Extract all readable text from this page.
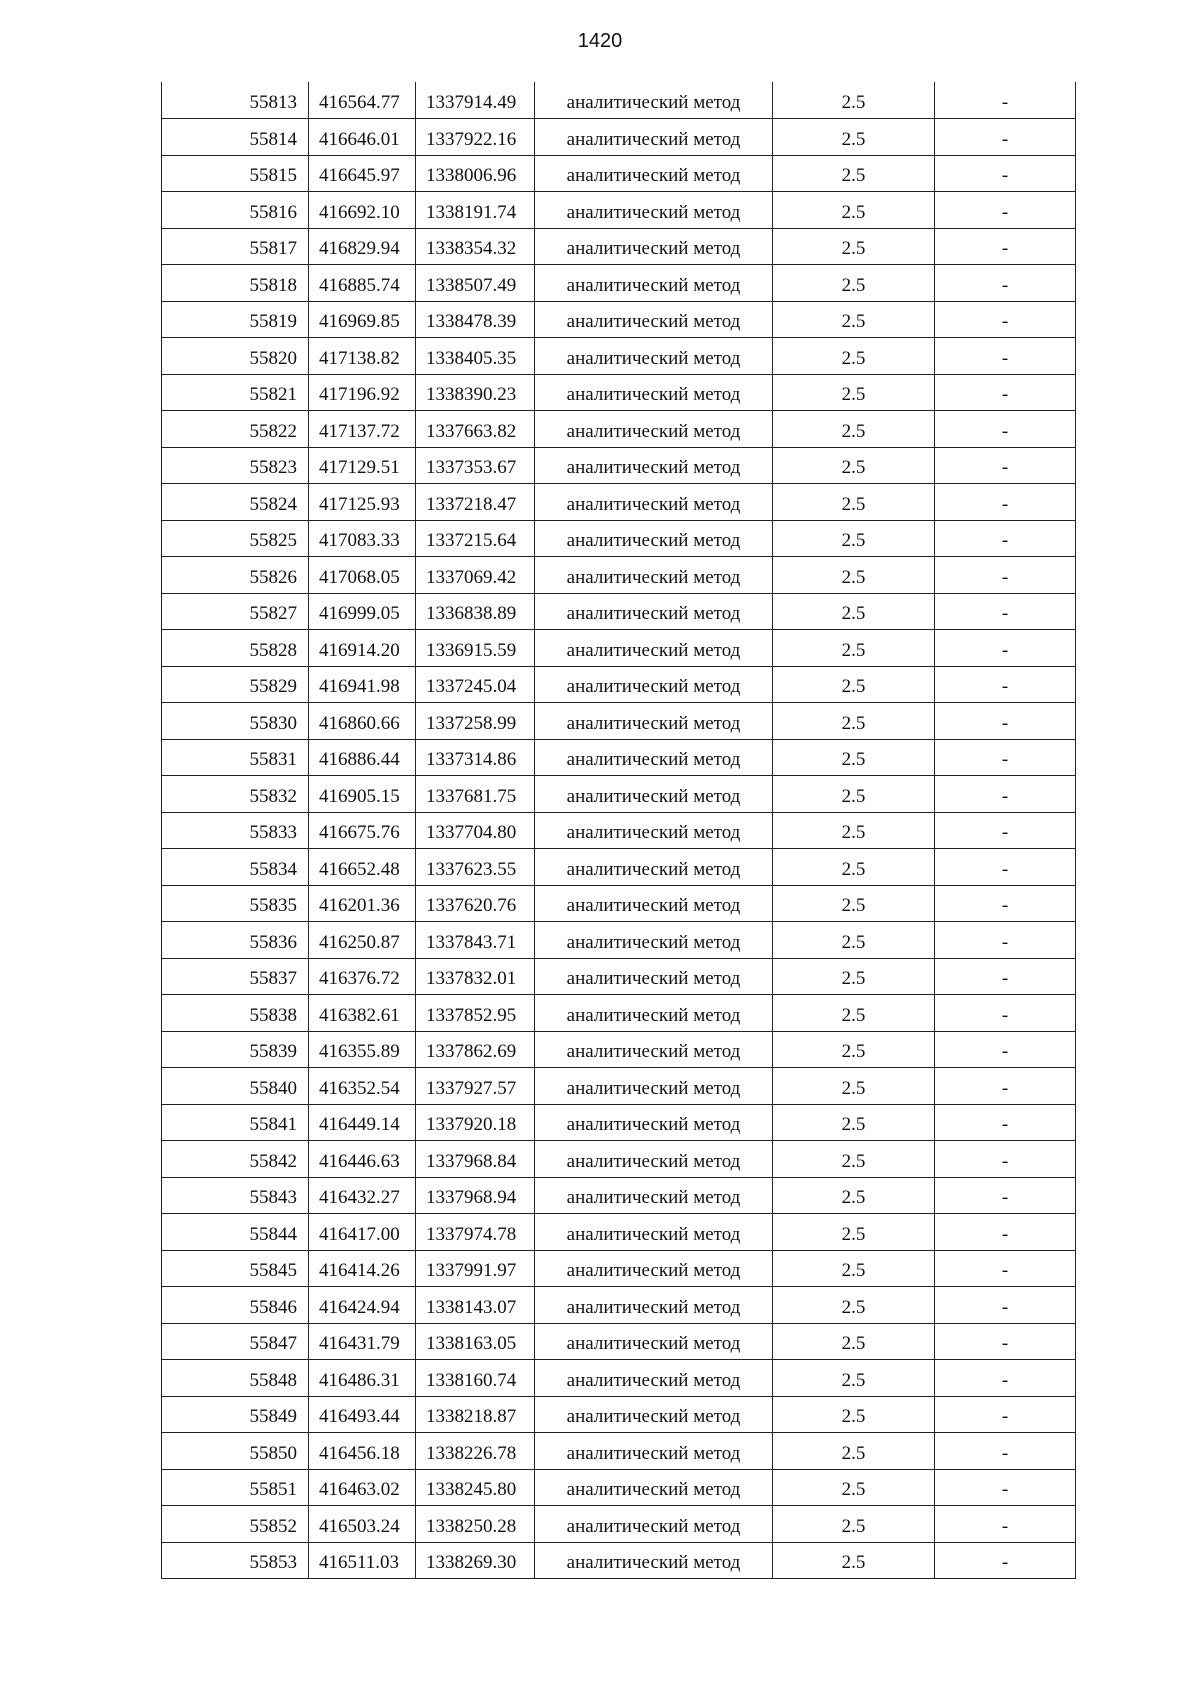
1420
55813	416564.77	1337914.49	аналитический метод	2.5	-
55814	416646.01	1337922.16	аналитический метод	2.5	-
55815	416645.97	1338006.96	аналитический метод	2.5	-
55816	416692.10	1338191.74	аналитический метод	2.5	-
55817	416829.94	1338354.32	аналитический метод	2.5	-
55818	416885.74	1338507.49	аналитический метод	2.5	-
55819	416969.85	1338478.39	аналитический метод	2.5	-
55820	417138.82	1338405.35	аналитический метод	2.5	-
55821	417196.92	1338390.23	аналитический метод	2.5	-
55822	417137.72	1337663.82	аналитический метод	2.5	-
55823	417129.51	1337353.67	аналитический метод	2.5	-
55824	417125.93	1337218.47	аналитический метод	2.5	-
55825	417083.33	1337215.64	аналитический метод	2.5	-
55826	417068.05	1337069.42	аналитический метод	2.5	-
55827	416999.05	1336838.89	аналитический метод	2.5	-
55828	416914.20	1336915.59	аналитический метод	2.5	-
55829	416941.98	1337245.04	аналитический метод	2.5	-
55830	416860.66	1337258.99	аналитический метод	2.5	-
55831	416886.44	1337314.86	аналитический метод	2.5	-
55832	416905.15	1337681.75	аналитический метод	2.5	-
55833	416675.76	1337704.80	аналитический метод	2.5	-
55834	416652.48	1337623.55	аналитический метод	2.5	-
55835	416201.36	1337620.76	аналитический метод	2.5	-
55836	416250.87	1337843.71	аналитический метод	2.5	-
55837	416376.72	1337832.01	аналитический метод	2.5	-
55838	416382.61	1337852.95	аналитический метод	2.5	-
55839	416355.89	1337862.69	аналитический метод	2.5	-
55840	416352.54	1337927.57	аналитический метод	2.5	-
55841	416449.14	1337920.18	аналитический метод	2.5	-
55842	416446.63	1337968.84	аналитический метод	2.5	-
55843	416432.27	1337968.94	аналитический метод	2.5	-
55844	416417.00	1337974.78	аналитический метод	2.5	-
55845	416414.26	1337991.97	аналитический метод	2.5	-
55846	416424.94	1338143.07	аналитический метод	2.5	-
55847	416431.79	1338163.05	аналитический метод	2.5	-
55848	416486.31	1338160.74	аналитический метод	2.5	-
55849	416493.44	1338218.87	аналитический метод	2.5	-
55850	416456.18	1338226.78	аналитический метод	2.5	-
55851	416463.02	1338245.80	аналитический метод	2.5	-
55852	416503.24	1338250.28	аналитический метод	2.5	-
55853	416511.03	1338269.30	аналитический метод	2.5	-
